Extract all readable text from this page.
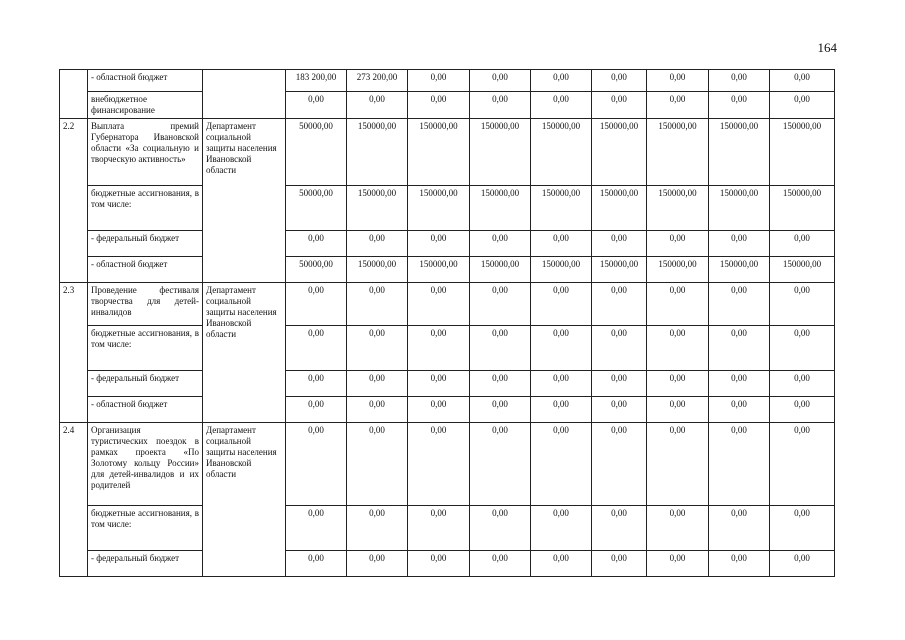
164
	- областной бюджет		183 200,00	273 200,00	0,00	0,00	0,00	0,00	0,00	0,00	0,00
	внебюджетное финансирование		0,00	0,00	0,00	0,00	0,00	0,00	0,00	0,00	0,00
2.2	Выплата премий Губернатора Ивановской области «За социальную и творческую активность»	Департамент социальной защиты населения Ивановской области	50000,00	150000,00	150000,00	150000,00	150000,00	150000,00	150000,00	150000,00	150000,00
	бюджетные ассигнования, в том числе:		50000,00	150000,00	150000,00	150000,00	150000,00	150000,00	150000,00	150000,00	150000,00
	- федеральный бюджет		0,00	0,00	0,00	0,00	0,00	0,00	0,00	0,00	0,00
	- областной бюджет		50000,00	150000,00	150000,00	150000,00	150000,00	150000,00	150000,00	150000,00	150000,00
2.3	Проведение фестиваля творчества для детей-инвалидов	Департамент социальной защиты населения Ивановской области	0,00	0,00	0,00	0,00	0,00	0,00	0,00	0,00	0,00
	бюджетные ассигнования, в том числе:		0,00	0,00	0,00	0,00	0,00	0,00	0,00	0,00	0,00
	- федеральный бюджет		0,00	0,00	0,00	0,00	0,00	0,00	0,00	0,00	0,00
	- областной бюджет		0,00	0,00	0,00	0,00	0,00	0,00	0,00	0,00	0,00
2.4	Организация туристических поездок в рамках проекта «По Золотому кольцу России» для детей-инвалидов и их родителей	Департамент социальной защиты населения Ивановской области	0,00	0,00	0,00	0,00	0,00	0,00	0,00	0,00	0,00
	бюджетные ассигнования, в том числе:		0,00	0,00	0,00	0,00	0,00	0,00	0,00	0,00	0,00
	- федеральный бюджет		0,00	0,00	0,00	0,00	0,00	0,00	0,00	0,00	0,00
